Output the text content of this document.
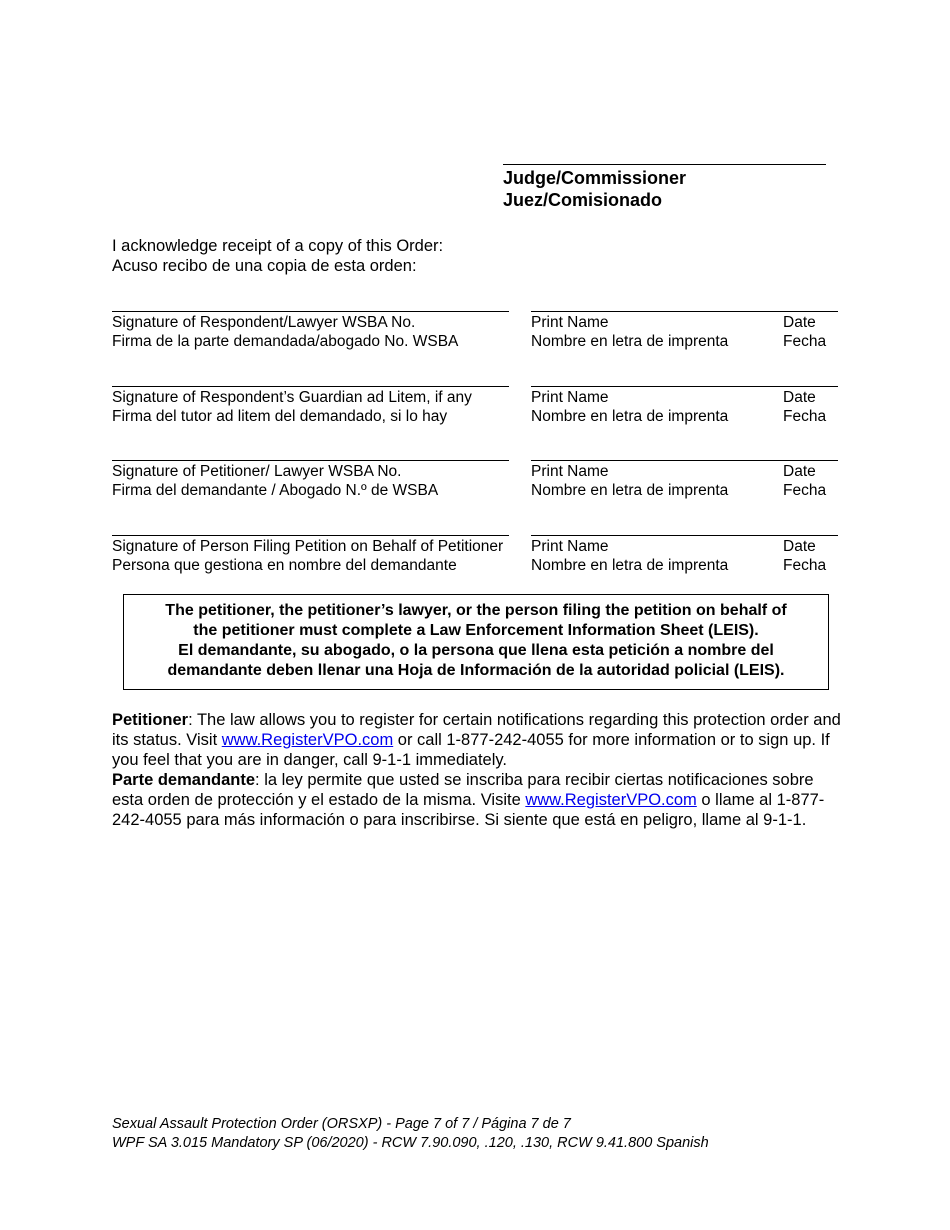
Judge/Commissioner
Juez/Comisionado
I acknowledge receipt of a copy of this Order:
Acuso recibo de una copia de esta orden:
Signature of Respondent/Lawyer WSBA No.
Firma de la parte demandada/abogado No. WSBA
Print Name
Nombre en letra de imprenta
Date
Fecha
Signature of Respondent’s Guardian ad Litem, if any
Firma del tutor ad litem del demandado, si lo hay
Print Name
Nombre en letra de imprenta
Date
Fecha
Signature of Petitioner/ Lawyer WSBA No.
Firma del demandante / Abogado N.º de WSBA
Print Name
Nombre en letra de imprenta
Date
Fecha
Signature of Person Filing Petition on Behalf of Petitioner
Persona que gestiona en nombre del demandante
Print Name
Nombre en letra de imprenta
Date
Fecha
The petitioner, the petitioner’s lawyer, or the person filing the petition on behalf of
the petitioner must complete a Law Enforcement Information Sheet (LEIS).
El demandante, su abogado, o la persona que llena esta petición a nombre del
demandante deben llenar una Hoja de Información de la autoridad policial (LEIS).
Petitioner: The law allows you to register for certain notifications regarding this protection order and its status. Visit www.RegisterVPO.com or call 1-877-242-4055 for more information or to sign up. If you feel that you are in danger, call 9-1-1 immediately.
Parte demandante: la ley permite que usted se inscriba para recibir ciertas notificaciones sobre esta orden de protección y el estado de la misma. Visite www.RegisterVPO.com o llame al 1-877-242-4055 para más información o para inscribirse. Si siente que está en peligro, llame al 9-1-1.
Sexual Assault Protection Order (ORSXP) - Page 7 of 7 / Página 7 de 7
WPF SA 3.015 Mandatory SP (06/2020) - RCW 7.90.090, .120, .130, RCW 9.41.800 Spanish
